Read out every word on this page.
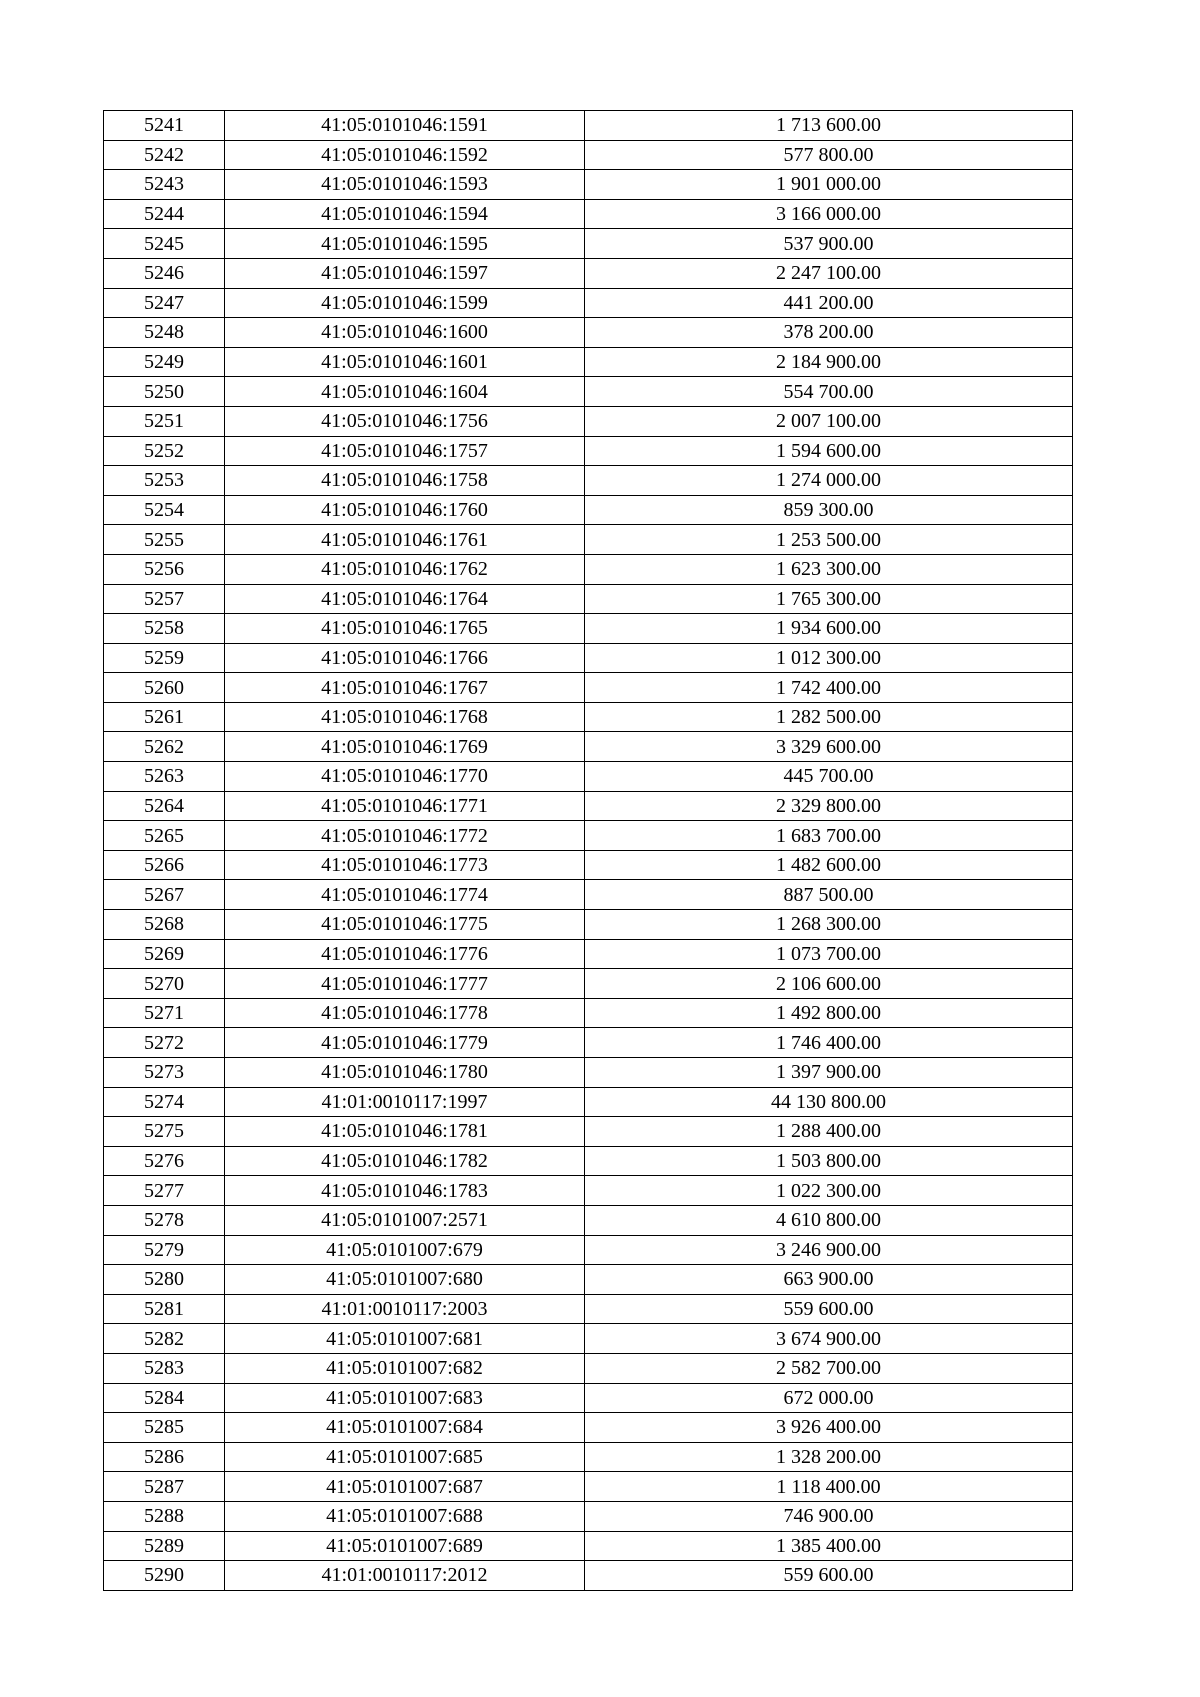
5241	41:05:0101046:1591	1 713 600.00
5242	41:05:0101046:1592	577 800.00
5243	41:05:0101046:1593	1 901 000.00
5244	41:05:0101046:1594	3 166 000.00
5245	41:05:0101046:1595	537 900.00
5246	41:05:0101046:1597	2 247 100.00
5247	41:05:0101046:1599	441 200.00
5248	41:05:0101046:1600	378 200.00
5249	41:05:0101046:1601	2 184 900.00
5250	41:05:0101046:1604	554 700.00
5251	41:05:0101046:1756	2 007 100.00
5252	41:05:0101046:1757	1 594 600.00
5253	41:05:0101046:1758	1 274 000.00
5254	41:05:0101046:1760	859 300.00
5255	41:05:0101046:1761	1 253 500.00
5256	41:05:0101046:1762	1 623 300.00
5257	41:05:0101046:1764	1 765 300.00
5258	41:05:0101046:1765	1 934 600.00
5259	41:05:0101046:1766	1 012 300.00
5260	41:05:0101046:1767	1 742 400.00
5261	41:05:0101046:1768	1 282 500.00
5262	41:05:0101046:1769	3 329 600.00
5263	41:05:0101046:1770	445 700.00
5264	41:05:0101046:1771	2 329 800.00
5265	41:05:0101046:1772	1 683 700.00
5266	41:05:0101046:1773	1 482 600.00
5267	41:05:0101046:1774	887 500.00
5268	41:05:0101046:1775	1 268 300.00
5269	41:05:0101046:1776	1 073 700.00
5270	41:05:0101046:1777	2 106 600.00
5271	41:05:0101046:1778	1 492 800.00
5272	41:05:0101046:1779	1 746 400.00
5273	41:05:0101046:1780	1 397 900.00
5274	41:01:0010117:1997	44 130 800.00
5275	41:05:0101046:1781	1 288 400.00
5276	41:05:0101046:1782	1 503 800.00
5277	41:05:0101046:1783	1 022 300.00
5278	41:05:0101007:2571	4 610 800.00
5279	41:05:0101007:679	3 246 900.00
5280	41:05:0101007:680	663 900.00
5281	41:01:0010117:2003	559 600.00
5282	41:05:0101007:681	3 674 900.00
5283	41:05:0101007:682	2 582 700.00
5284	41:05:0101007:683	672 000.00
5285	41:05:0101007:684	3 926 400.00
5286	41:05:0101007:685	1 328 200.00
5287	41:05:0101007:687	1 118 400.00
5288	41:05:0101007:688	746 900.00
5289	41:05:0101007:689	1 385 400.00
5290	41:01:0010117:2012	559 600.00
